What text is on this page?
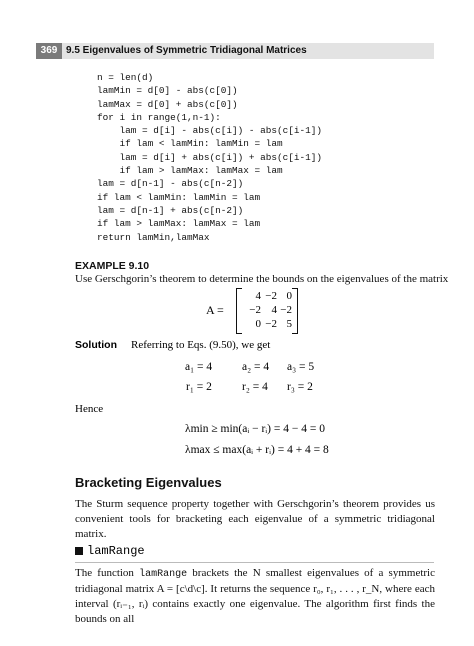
369 9.5 Eigenvalues of Symmetric Tridiagonal Matrices
n = len(d)
lamMin = d[0] - abs(c[0])
lamMax = d[0] + abs(c[0])
for i in range(1,n-1):
lam = d[i] - abs(c[i]) - abs(c[i-1])
if lam < lamMin: lamMin = lam
lam = d[i] + abs(c[i]) + abs(c[i-1])
if lam > lamMax: lamMax = lam
lam = d[n-1] - abs(c[n-2])
if lam < lamMin: lamMin = lam
lam = d[n-1] + abs(c[n-2])
if lam > lamMax: lamMax = lam
return lamMin,lamMax
EXAMPLE 9.10
Use Gerschgorin’s theorem to determine the bounds on the eigenvalues of the matrix
A =
4 −2 0
−2 4 −2
0 −2 5
Solution Referring to Eqs. (9.50), we get
a₁ = 4	a₂ = 4 a₃ = 5
r₁ = 2	r₂ = 4 r₃ = 2
Hence
λmin ≥ min(aᵢ − rᵢ) = 4 − 4 = 0
λmax ≤ max(aᵢ + rᵢ) = 4 + 4 = 8
Bracketing Eigenvalues
The Sturm sequence property together with Gerschgorin’s theorem provides us convenient tools for bracketing each eigenvalue of a symmetric tridiagonal matrix.
lamRange
The function lamRange brackets the N smallest eigenvalues of a symmetric tridiagonal matrix A = [c\d\c]. It returns the sequence r₀, r₁, . . . , r_N, where each interval (rᵢ₋₁, rᵢ) contains exactly one eigenvalue. The algorithm first finds the bounds on all
